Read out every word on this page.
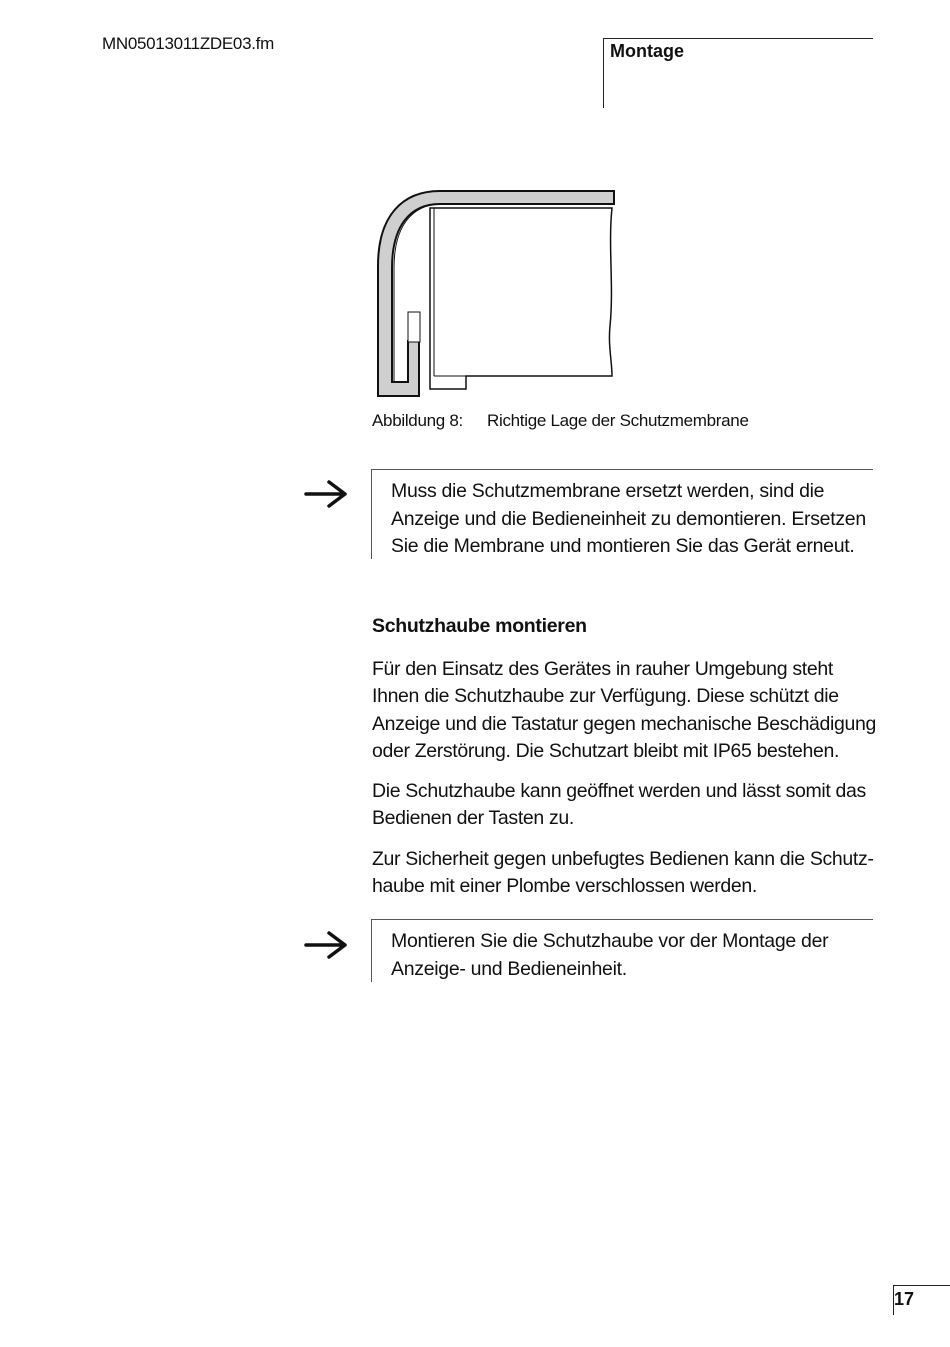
MN05013011ZDE03.fm	Montage
Abbildung 8: Richtige Lage der Schutzmembrane
Muss die Schutzmembrane ersetzt werden, sind die Anzeige und die Bedieneinheit zu demontieren. Ersetzen Sie die Membrane und montieren Sie das Gerät erneut.
Schutzhaube montieren

Für den Einsatz des Gerätes in rauher Umgebung steht Ihnen die Schutzhaube zur Verfügung. Diese schützt die Anzeige und die Tastatur gegen mechanische Beschädigung oder Zerstörung. Die Schutzart bleibt mit IP65 bestehen.

Die Schutzhaube kann geöffnet werden und lässt somit das Bedienen der Tasten zu.

Zur Sicherheit gegen unbefugtes Bedienen kann die Schutz-haube mit einer Plombe verschlossen werden.

Montieren Sie die Schutzhaube vor der Montage der Anzeige- und Bedieneinheit.
17
